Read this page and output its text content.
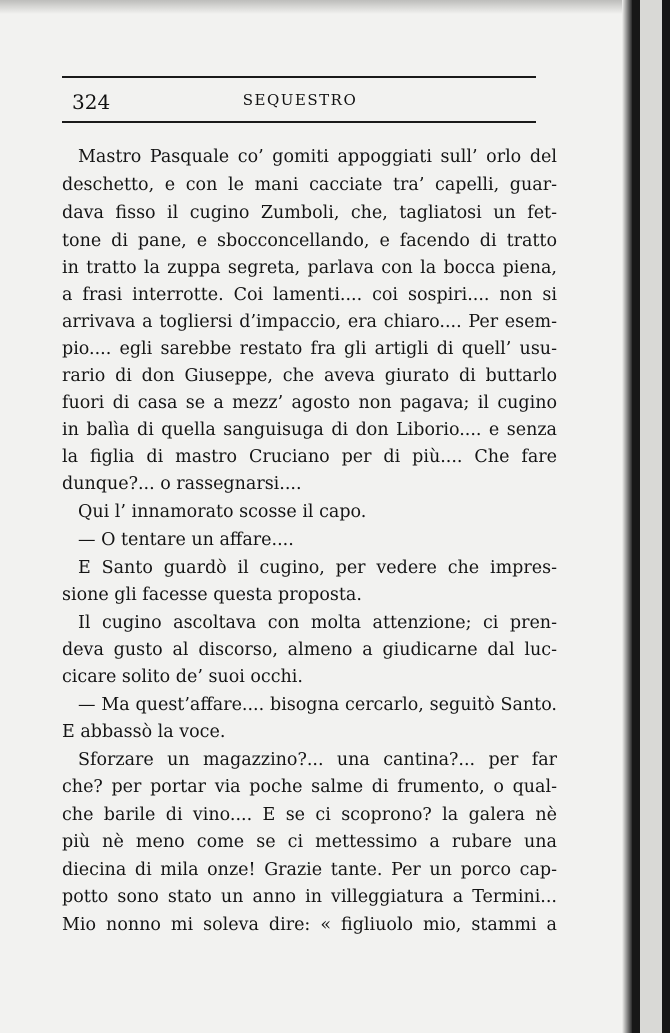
324	SEQUESTRO
Mastro Pasquale co’ gomiti appoggiati sull’ orlo del
deschetto, e con le mani cacciate tra’ capelli, guar-
dava fisso il cugino Zumboli, che, tagliatosi un fet-
tone di pane, e sbocconcellando, e facendo di tratto
in tratto la zuppa segreta, parlava con la bocca piena,
a frasi interrotte. Coi lamenti.... coi sospiri.... non si
arrivava a togliersi d’impaccio, era chiaro.... Per esem-
pio.... egli sarebbe restato fra gli artigli di quell’ usu-
rario di don Giuseppe, che aveva giurato di buttarlo
fuori di casa se a mezz’ agosto non pagava; il cugino
in balìa di quella sanguisuga di don Liborio.... e senza
la figlia di mastro Cruciano per di più.... Che fare
dunque?... o rassegnarsi....
Qui l’ innamorato scosse il capo.
— O tentare un affare....
E Santo guardò il cugino, per vedere che impres-
sione gli facesse questa proposta.
Il cugino ascoltava con molta attenzione; ci pren-
deva gusto al discorso, almeno a giudicarne dal luc-
cicare solito de’ suoi occhi.
— Ma quest’affare.... bisogna cercarlo, seguitò Santo.
E abbassò la voce.
Sforzare un magazzino?... una cantina?... per far
che? per portar via poche salme di frumento, o qual-
che barile di vino.... E se ci scoprono? la galera nè
più nè meno come se ci mettessimo a rubare una
diecina di mila onze! Grazie tante. Per un porco cap-
potto sono stato un anno in villeggiatura a Termini...
Mio nonno mi soleva dire: « figliuolo mio, stammi a
